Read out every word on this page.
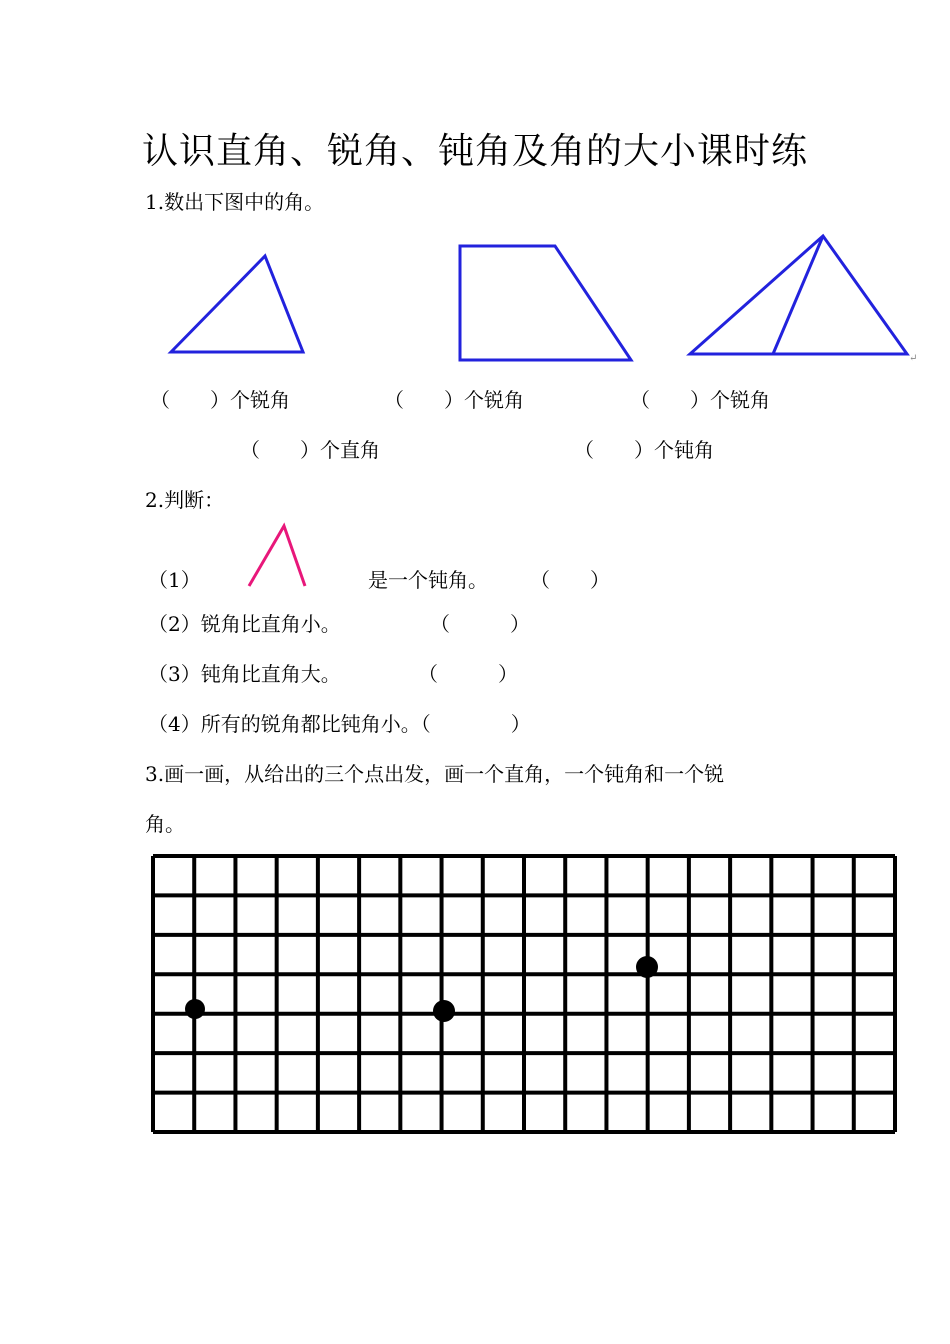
认识直角、锐角、钝角及角的大小课时练
1.数出下图中的角。
↵
（　　）个锐角	（　　）个锐角	（　　）个锐角
（　　）个直角	（　　）个钝角
2.判断：
（1）	是一个钝角。 （　　）
（2）锐角比直角小。	（　　　）
（3）钝角比直角大。	（　　　）
（4）所有的锐角都比钝角小。（　　　　）
3.画一画，从给出的三个点出发，画一个直角，一个钝角和一个锐
角。
